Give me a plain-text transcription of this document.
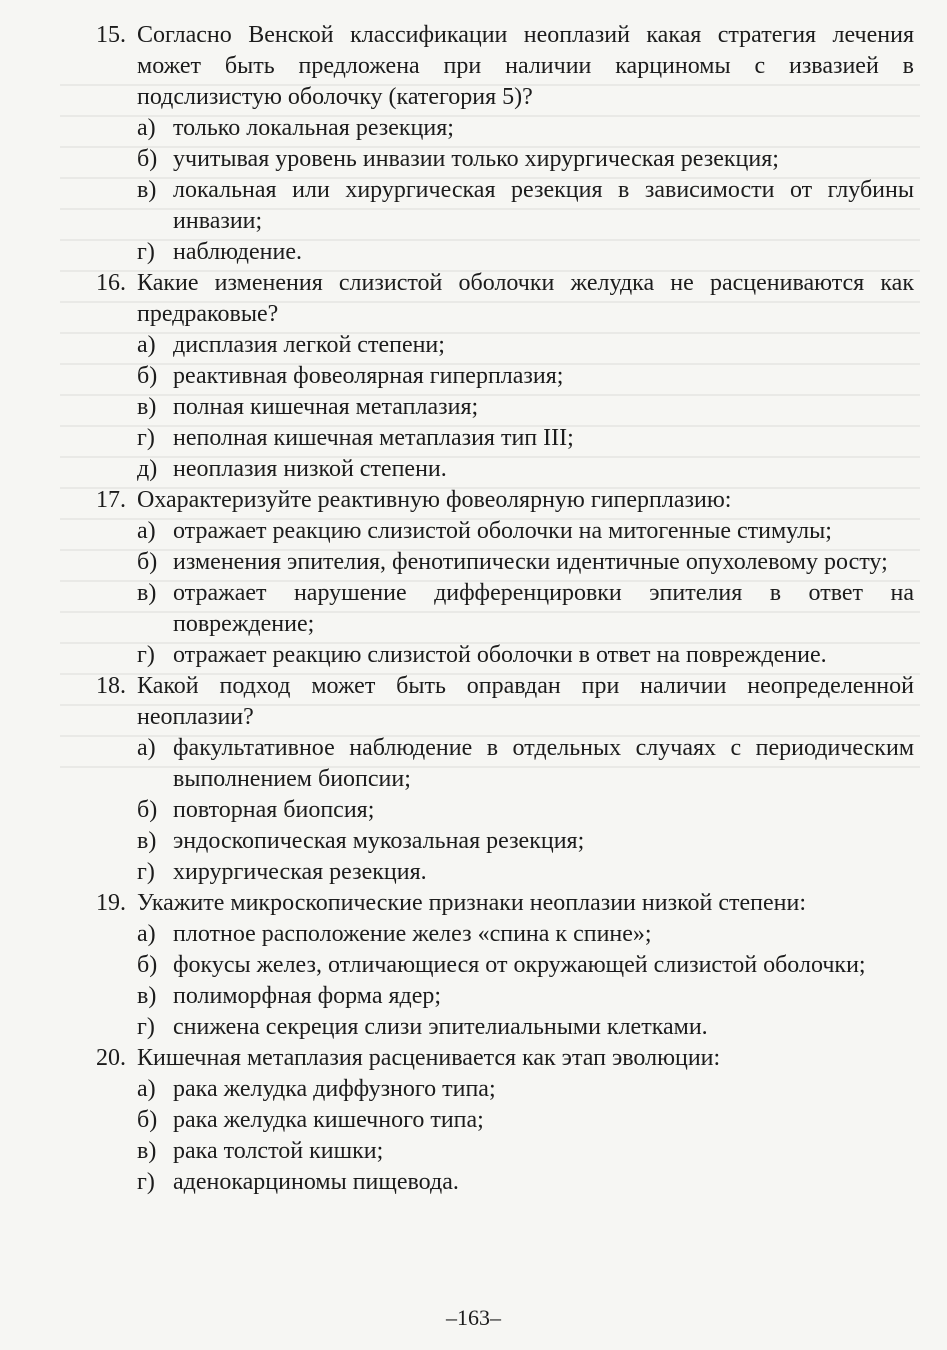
15. Согласно Венской классификации неоплазий какая стратегия лечения может быть предложена при наличии карциномы с извазией в подслизистую оболочку (категория 5)?
а) только локальная резекция;
б) учитывая уровень инвазии только хирургическая резекция;
в) локальная или хирургическая резекция в зависимости от глубины инвазии;
г) наблюдение.
16. Какие изменения слизистой оболочки желудка не расцениваются как предраковые?
а) дисплазия легкой степени;
б) реактивная фовеолярная гиперплазия;
в) полная кишечная метаплазия;
г) неполная кишечная метаплазия тип III;
д) неоплазия низкой степени.
17. Охарактеризуйте реактивную фовеолярную гиперплазию:
а) отражает реакцию слизистой оболочки на митогенные стимулы;
б) изменения эпителия, фенотипически идентичные опухолевому росту;
в) отражает нарушение дифференцировки эпителия в ответ на повреждение;
г) отражает реакцию слизистой оболочки в ответ на повреждение.
18. Какой подход может быть оправдан при наличии неопределенной неоплазии?
а) факультативное наблюдение в отдельных случаях с периодическим выполнением биопсии;
б) повторная биопсия;
в) эндоскопическая мукозальная резекция;
г) хирургическая резекция.
19. Укажите микроскопические признаки неоплазии низкой степени:
а) плотное расположение желез «спина к спине»;
б) фокусы желез, отличающиеся от окружающей слизистой оболочки;
в) полиморфная форма ядер;
г) снижена секреция слизи эпителиальными клетками.
20. Кишечная метаплазия расценивается как этап эволюции:
а) рака желудка диффузного типа;
б) рака желудка кишечного типа;
в) рака толстой кишки;
г) аденокарциномы пищевода.
–163–
